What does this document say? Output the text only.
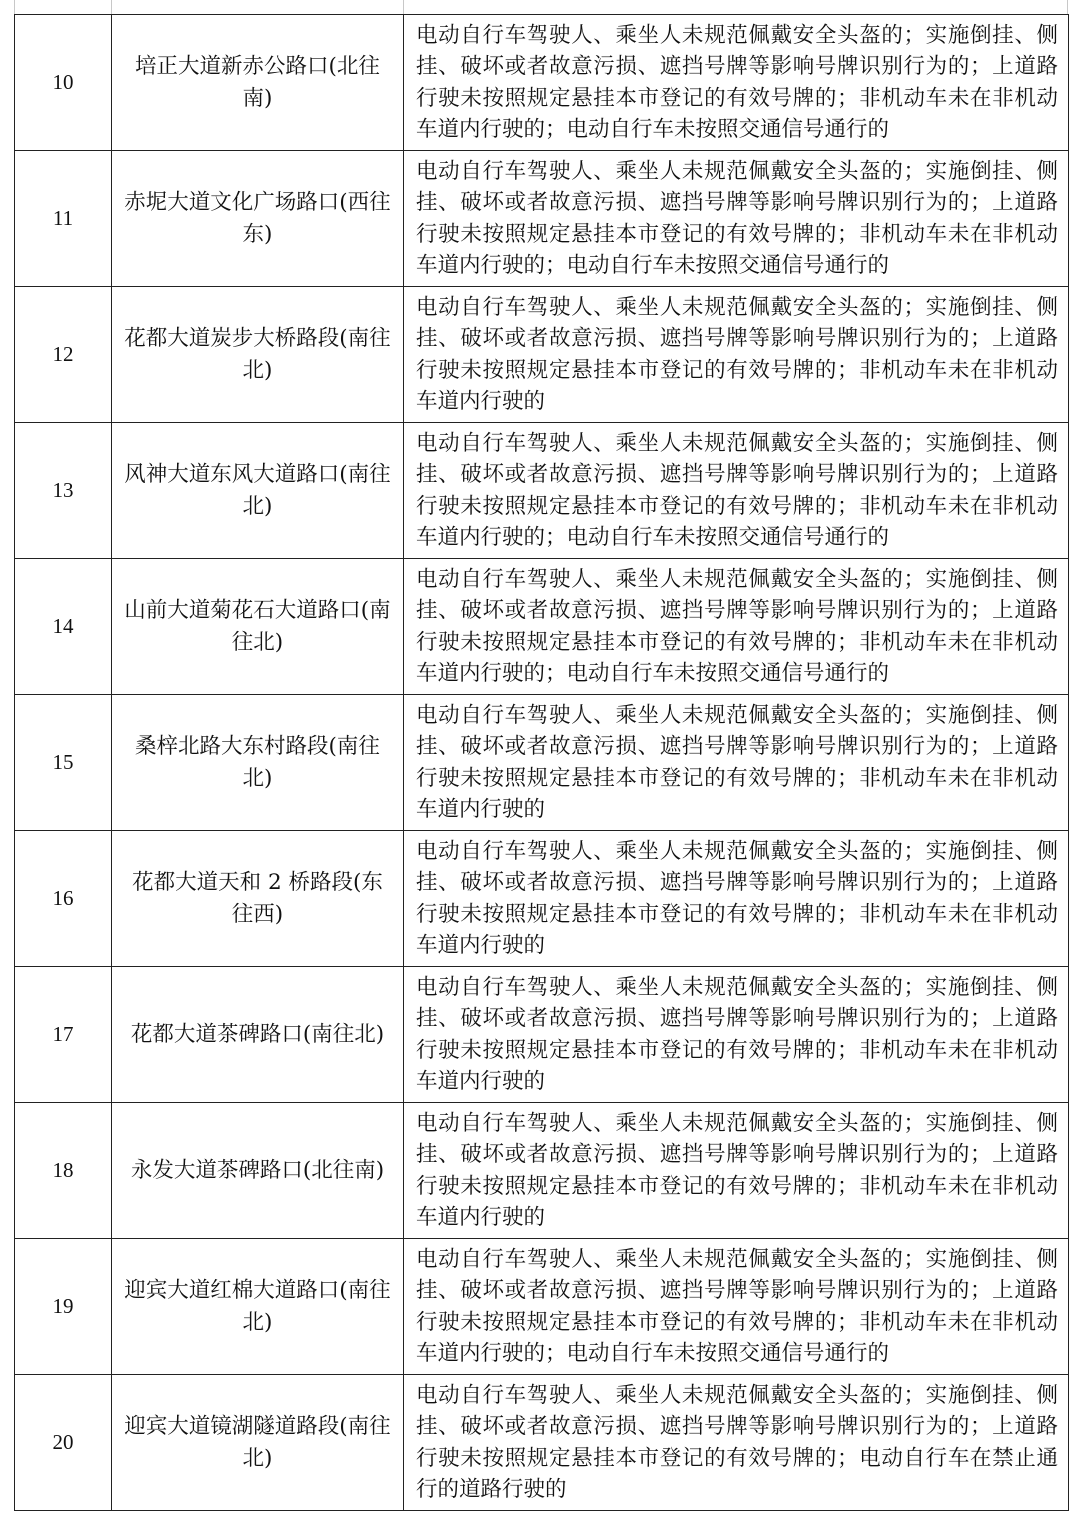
10	培正大道新赤公路口(北往南)	电动自行车驾驶人、乘坐人未规范佩戴安全头盔的；实施倒挂、侧挂、破坏或者故意污损、遮挡号牌等影响号牌识别行为的；上道路行驶未按照规定悬挂本市登记的有效号牌的；非机动车未在非机动车道内行驶的；电动自行车未按照交通信号通行的
11	赤坭大道文化广场路口(西往东)	电动自行车驾驶人、乘坐人未规范佩戴安全头盔的；实施倒挂、侧挂、破坏或者故意污损、遮挡号牌等影响号牌识别行为的；上道路行驶未按照规定悬挂本市登记的有效号牌的；非机动车未在非机动车道内行驶的；电动自行车未按照交通信号通行的
12	花都大道炭步大桥路段(南往北)	电动自行车驾驶人、乘坐人未规范佩戴安全头盔的；实施倒挂、侧挂、破坏或者故意污损、遮挡号牌等影响号牌识别行为的；上道路行驶未按照规定悬挂本市登记的有效号牌的；非机动车未在非机动车道内行驶的
13	风神大道东风大道路口(南往北)	电动自行车驾驶人、乘坐人未规范佩戴安全头盔的；实施倒挂、侧挂、破坏或者故意污损、遮挡号牌等影响号牌识别行为的；上道路行驶未按照规定悬挂本市登记的有效号牌的；非机动车未在非机动车道内行驶的；电动自行车未按照交通信号通行的
14	山前大道菊花石大道路口(南往北)	电动自行车驾驶人、乘坐人未规范佩戴安全头盔的；实施倒挂、侧挂、破坏或者故意污损、遮挡号牌等影响号牌识别行为的；上道路行驶未按照规定悬挂本市登记的有效号牌的；非机动车未在非机动车道内行驶的；电动自行车未按照交通信号通行的
15	桑梓北路大东村路段(南往北)	电动自行车驾驶人、乘坐人未规范佩戴安全头盔的；实施倒挂、侧挂、破坏或者故意污损、遮挡号牌等影响号牌识别行为的；上道路行驶未按照规定悬挂本市登记的有效号牌的；非机动车未在非机动车道内行驶的
16	花都大道天和 2 桥路段(东往西)	电动自行车驾驶人、乘坐人未规范佩戴安全头盔的；实施倒挂、侧挂、破坏或者故意污损、遮挡号牌等影响号牌识别行为的；上道路行驶未按照规定悬挂本市登记的有效号牌的；非机动车未在非机动车道内行驶的
17	花都大道茶碑路口(南往北)	电动自行车驾驶人、乘坐人未规范佩戴安全头盔的；实施倒挂、侧挂、破坏或者故意污损、遮挡号牌等影响号牌识别行为的；上道路行驶未按照规定悬挂本市登记的有效号牌的；非机动车未在非机动车道内行驶的
18	永发大道茶碑路口(北往南)	电动自行车驾驶人、乘坐人未规范佩戴安全头盔的；实施倒挂、侧挂、破坏或者故意污损、遮挡号牌等影响号牌识别行为的；上道路行驶未按照规定悬挂本市登记的有效号牌的；非机动车未在非机动车道内行驶的
19	迎宾大道红棉大道路口(南往北)	电动自行车驾驶人、乘坐人未规范佩戴安全头盔的；实施倒挂、侧挂、破坏或者故意污损、遮挡号牌等影响号牌识别行为的；上道路行驶未按照规定悬挂本市登记的有效号牌的；非机动车未在非机动车道内行驶的；电动自行车未按照交通信号通行的
20	迎宾大道镜湖隧道路段(南往北)	电动自行车驾驶人、乘坐人未规范佩戴安全头盔的；实施倒挂、侧挂、破坏或者故意污损、遮挡号牌等影响号牌识别行为的；上道路行驶未按照规定悬挂本市登记的有效号牌的；电动自行车在禁止通行的道路行驶的
